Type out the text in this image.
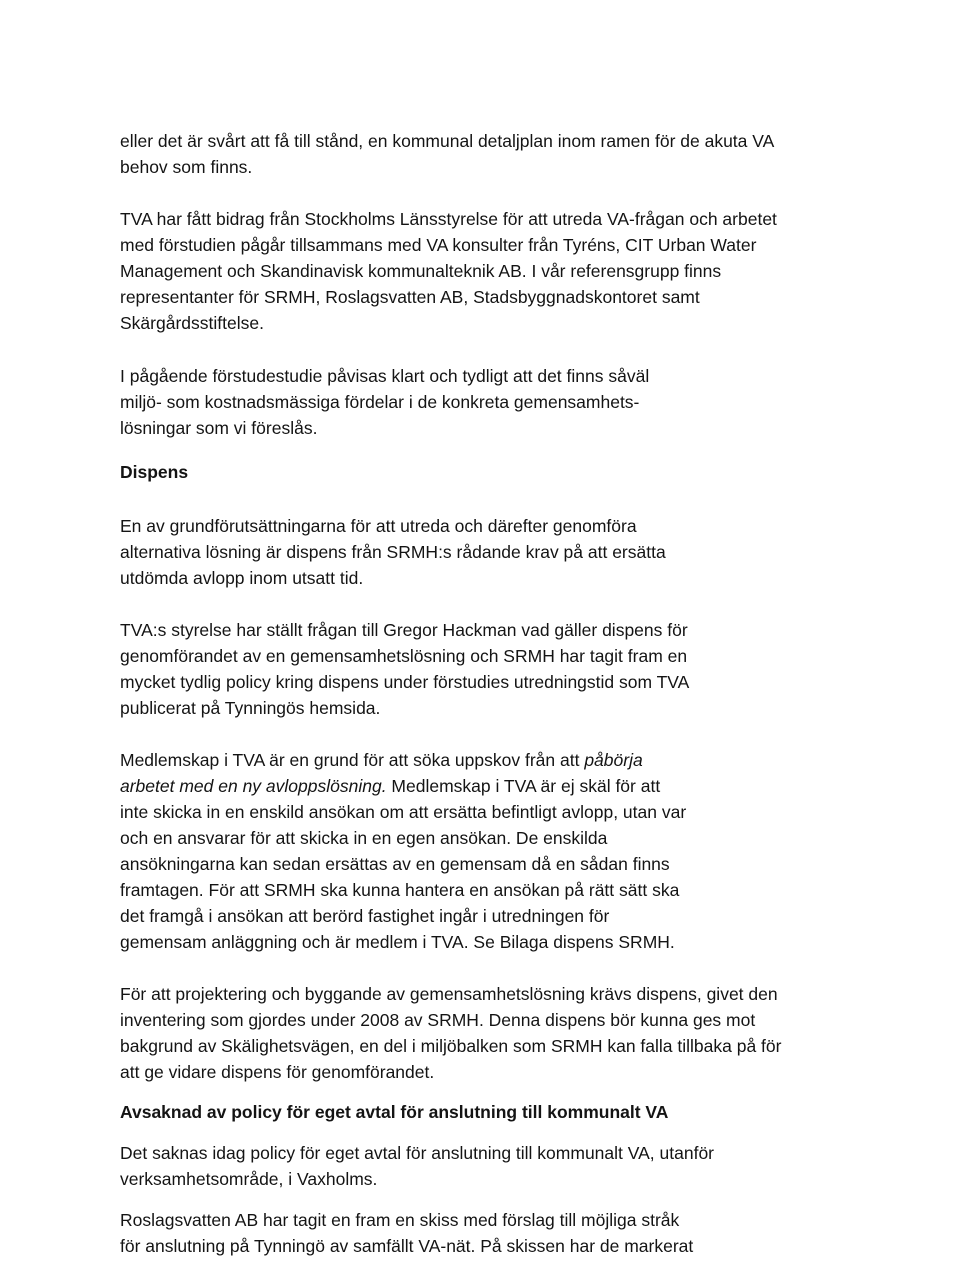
eller det är svårt att få till stånd, en kommunal detaljplan inom ramen för de akuta VA
behov som finns.
TVA har fått bidrag från Stockholms Länsstyrelse för att utreda VA-frågan och arbetet
med förstudien pågår tillsammans med VA konsulter från Tyréns, CIT Urban Water
Management och Skandinavisk kommunalteknik AB. I vår referensgrupp finns
representanter för SRMH, Roslagsvatten AB, Stadsbyggnadskontoret samt
Skärgårdsstiftelse.
I pågående förstudestudie påvisas klart och tydligt att det finns såväl
miljö- som kostnadsmässiga fördelar i de konkreta gemensamhets-
lösningar som vi föreslås.
Dispens
En av grundförutsättningarna för att utreda och därefter genomföra
alternativa lösning är dispens från SRMH:s rådande krav på att ersätta
utdömda avlopp inom utsatt tid.
TVA:s styrelse har ställt frågan till Gregor Hackman vad gäller dispens för
genomförandet av en gemensamhetslösning och SRMH har tagit fram en
mycket tydlig policy kring dispens under förstudies utredningstid som TVA
publicerat på Tynningös hemsida.
Medlemskap i TVA är en grund för att söka uppskov från att påbörja
arbetet med en ny avloppslösning. Medlemskap i TVA är ej skäl för att
inte skicka in en enskild ansökan om att ersätta befintligt avlopp, utan var
och en ansvarar för att skicka in en egen ansökan. De enskilda
ansökningarna kan sedan ersättas av en gemensam då en sådan finns
framtagen. För att SRMH ska kunna hantera en ansökan på rätt sätt ska
det framgå i ansökan att berörd fastighet ingår i utredningen för
gemensam anläggning och är medlem i TVA. Se Bilaga dispens SRMH.
För att projektering och byggande av gemensamhetslösning krävs dispens, givet den
inventering som gjordes under 2008 av SRMH. Denna dispens bör kunna ges mot
bakgrund av Skälighetsvägen, en del i miljöbalken som SRMH kan falla tillbaka på för
att ge vidare dispens för genomförandet.
Avsaknad av policy för eget avtal för anslutning till kommunalt VA
Det saknas idag policy för eget avtal för anslutning till kommunalt VA, utanför
verksamhetsområde, i Vaxholms.
Roslagsvatten AB har tagit en fram en skiss med förslag till möjliga stråk
för anslutning på Tynningö av samfällt VA-nät. På skissen har de markerat
